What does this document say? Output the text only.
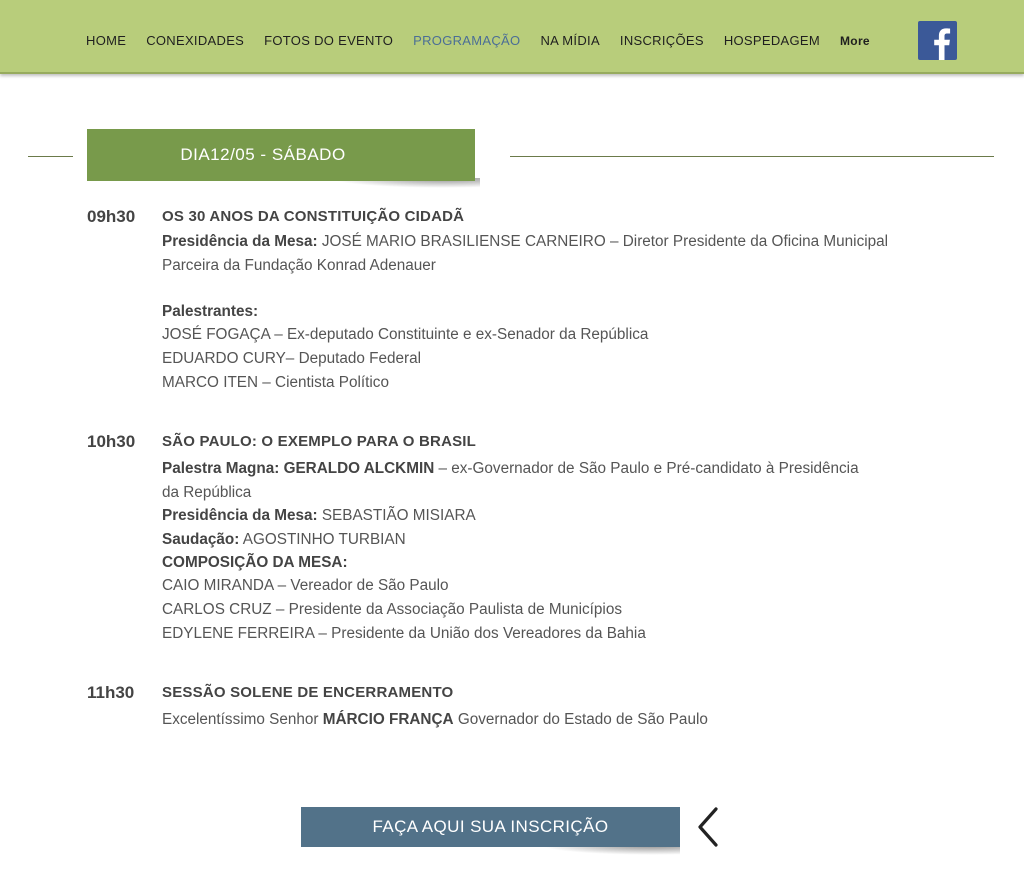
HOME CONEXIDADES FOTOS DO EVENTO PROGRAMAÇÃO NA MÍDIA INSCRIÇÕES HOSPEDAGEM More
DIA12/05 - SÁBADO
09h30 OS 30 ANOS DA CONSTITUIÇÃO CIDADÃ
Presidência da Mesa: JOSÉ MARIO BRASILIENSE CARNEIRO – Diretor Presidente da Oficina Municipal
Parceira da Fundação Konrad Adenauer
Palestrantes:
JOSÉ FOGAÇA – Ex-deputado Constituinte e ex-Senador da República
EDUARDO CURY– Deputado Federal
MARCO ITEN – Cientista Político
10h30 SÃO PAULO: O EXEMPLO PARA O BRASIL
Palestra Magna: GERALDO ALCKMIN – ex-Governador de São Paulo e Pré-candidato à Presidência
da República
Presidência da Mesa: SEBASTIÃO MISIARA
Saudação: AGOSTINHO TURBIAN
COMPOSIÇÃO DA MESA:
CAIO MIRANDA – Vereador de São Paulo
CARLOS CRUZ – Presidente da Associação Paulista de Municípios
EDYLENE FERREIRA – Presidente da União dos Vereadores da Bahia
11h30 SESSÃO SOLENE DE ENCERRAMENTO
Excelentíssimo Senhor MÁRCIO FRANÇA Governador do Estado de São Paulo
FAÇA AQUI SUA INSCRIÇÃO
